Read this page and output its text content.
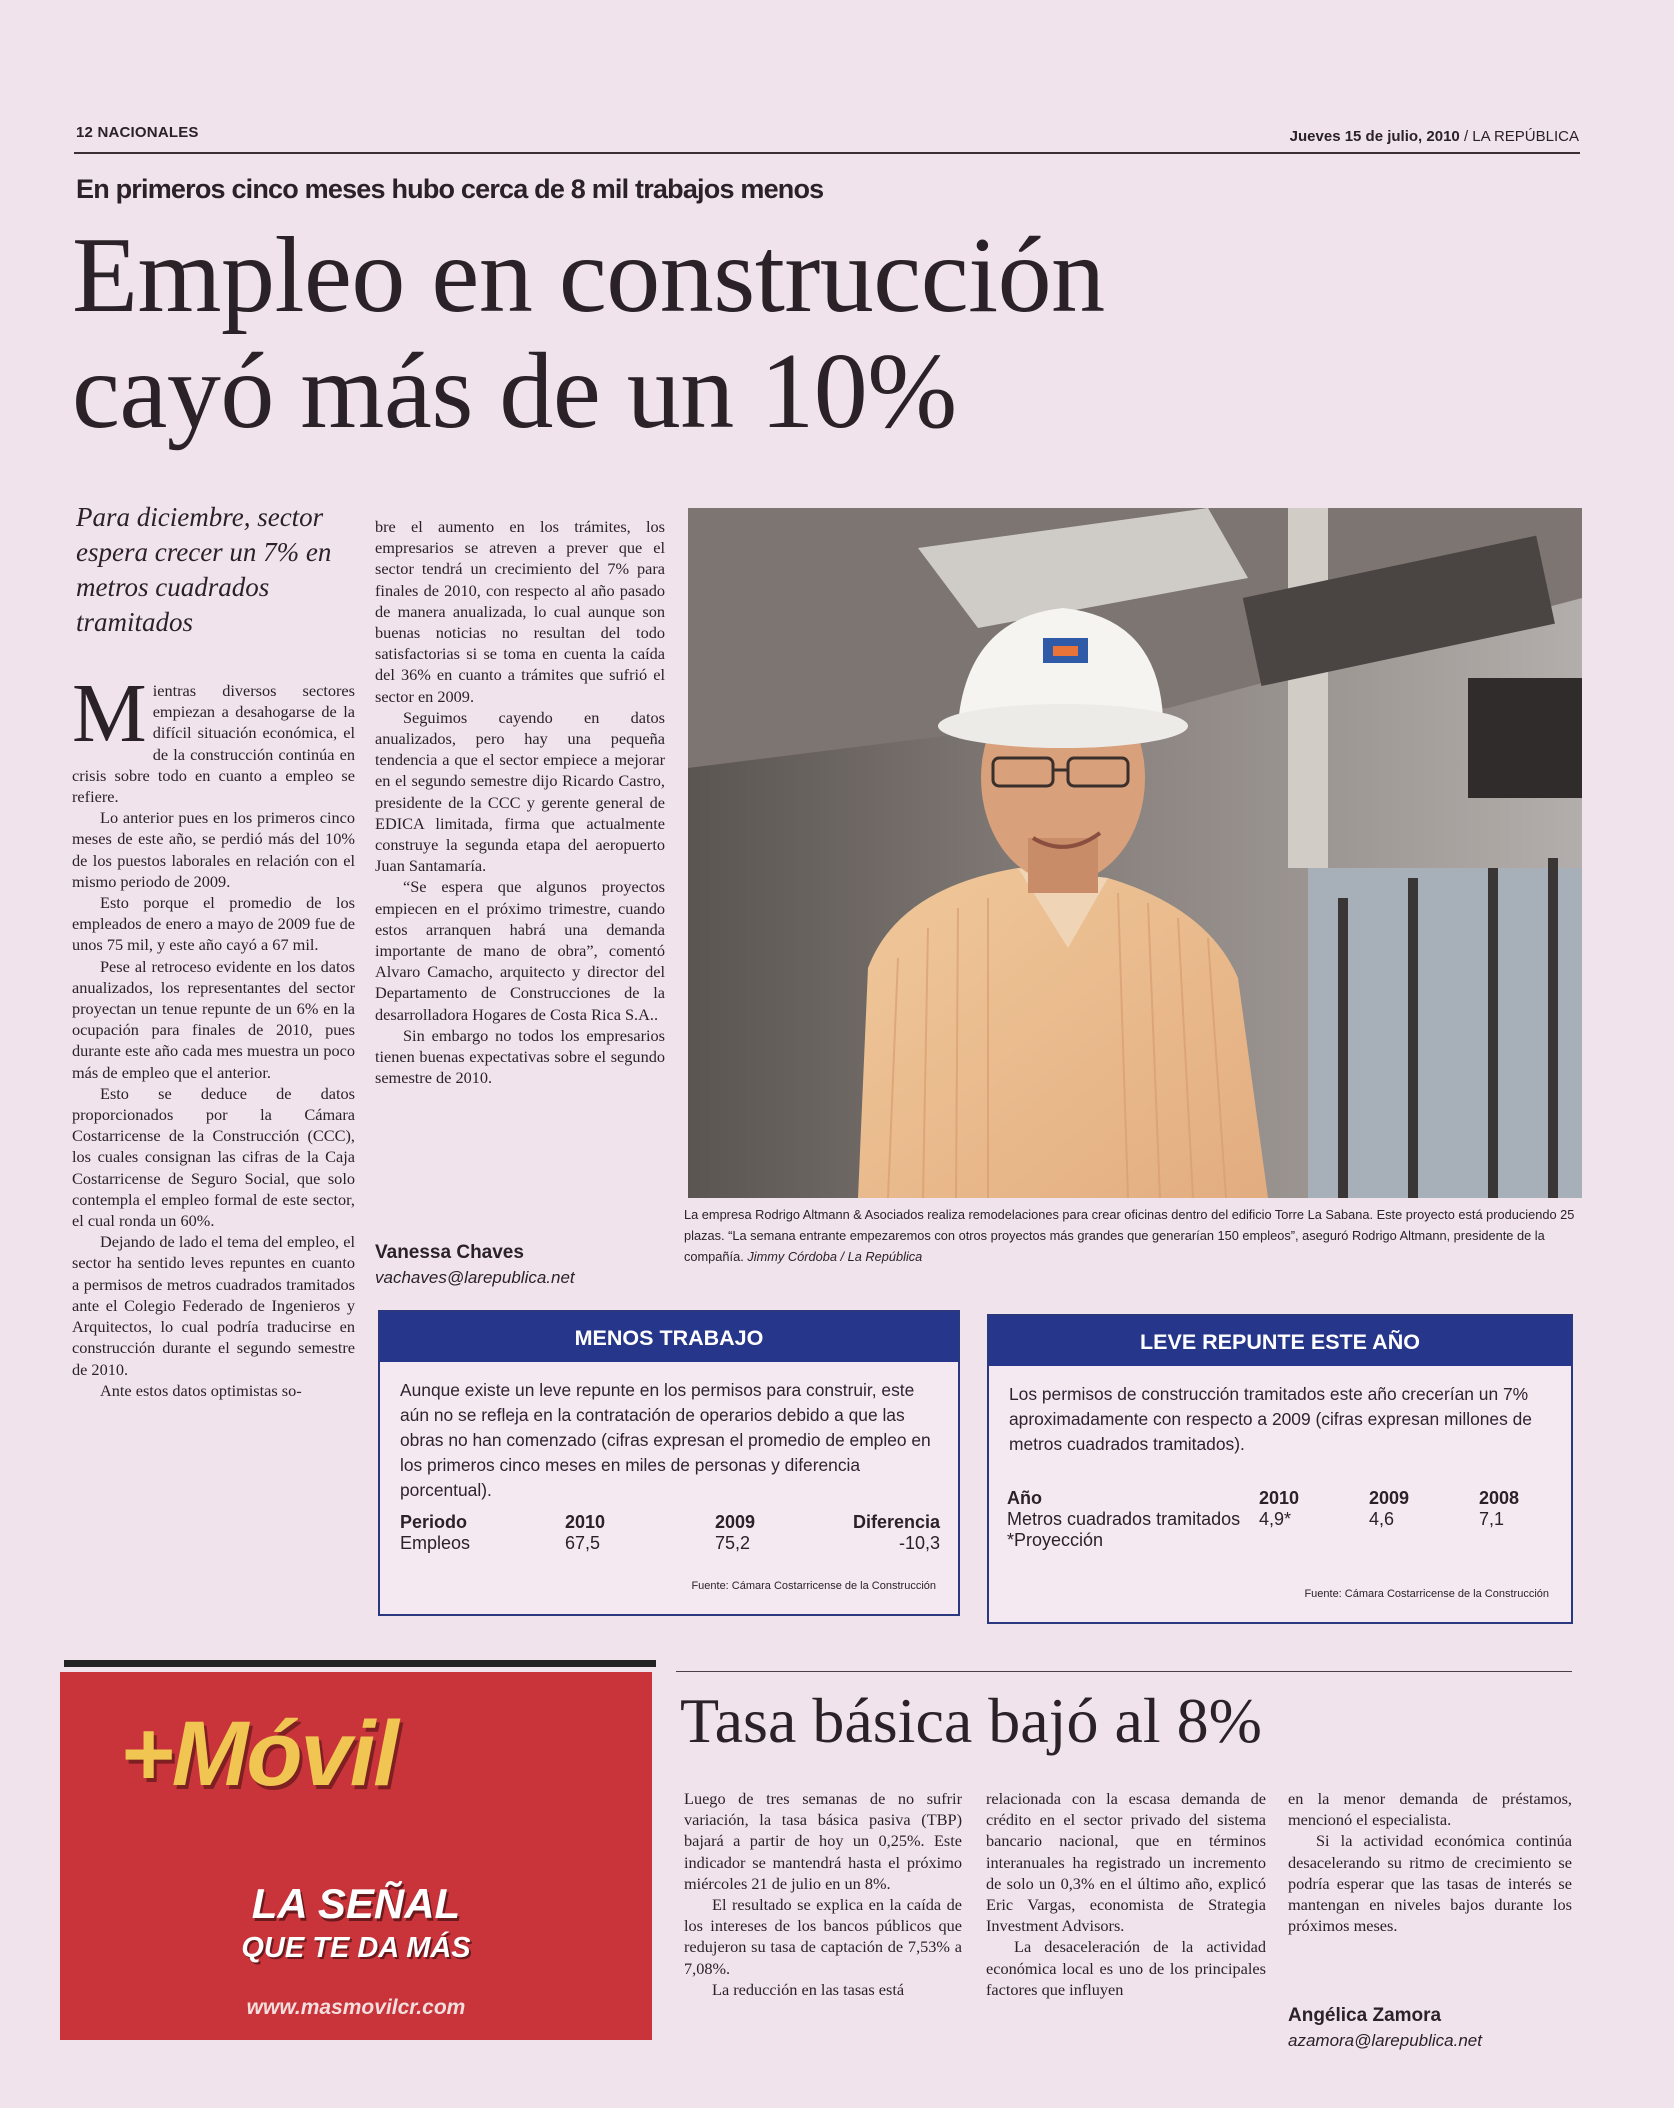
12 NACIONALES	Jueves 15 de julio, 2010 / LA REPÚBLICA
En primeros cinco meses hubo cerca de 8 mil trabajos menos
Empleo en construcción
cayó más de un 10%
Para diciembre, sector espera crecer un 7% en metros cuadrados tramitados

Mientras diversos sectores empiezan a desahogarse de la difícil situación económica, el de la construcción continúa en crisis sobre todo en cuanto a empleo se refiere.

Lo anterior pues en los primeros cinco meses de este año, se perdió más del 10% de los puestos laborales en relación con el mismo periodo de 2009.

Esto porque el promedio de los empleados de enero a mayo de 2009 fue de unos 75 mil, y este año cayó a 67 mil.

Pese al retroceso evidente en los datos anualizados, los representantes del sector proyectan un tenue repunte de un 6% en la ocupación para finales de 2010, pues durante este año cada mes muestra un poco más de empleo que el anterior.

Esto se deduce de datos proporcionados por la Cámara Costarricense de la Construcción (CCC), los cuales consignan las cifras de la Caja Costarricense de Seguro Social, que solo contempla el empleo formal de este sector, el cual ronda un 60%.

Dejando de lado el tema del empleo, el sector ha sentido leves repuntes en cuanto a permisos de metros cuadrados tramitados ante el Colegio Federado de Ingenieros y Arquitectos, lo cual podría traducirse en construcción durante el segundo semestre de 2010.

Ante estos datos optimistas so-

bre el aumento en los trámites, los empresarios se atreven a prever que el sector tendrá un crecimiento del 7% para finales de 2010, con respecto al año pasado de manera anualizada, lo cual aunque son buenas noticias no resultan del todo satisfactorias si se toma en cuenta la caída del 36% en cuanto a trámites que sufrió el sector en 2009.

Seguimos cayendo en datos anualizados, pero hay una pequeña tendencia a que el sector empiece a mejorar en el segundo semestre dijo Ricardo Castro, presidente de la CCC y gerente general de EDICA limitada, firma que actualmente construye la segunda etapa del aeropuerto Juan Santamaría.

“Se espera que algunos proyectos empiecen en el próximo trimestre, cuando estos arranquen habrá una demanda importante de mano de obra”, comentó Alvaro Camacho, arquitecto y director del Departamento de Construcciones de la desarrolladora Hogares de Costa Rica S.A..

Sin embargo no todos los empresarios tienen buenas expectativas sobre el segundo semestre de 2010.

Vanessa Chaves
vachaves@larepublica.net
La empresa Rodrigo Altmann & Asociados realiza remodelaciones para crear oficinas dentro del edificio Torre La Sabana. Este proyecto está produciendo 25 plazas. “La semana entrante empezaremos con otros proyectos más grandes que generarían 150 empleos”, aseguró Rodrigo Altmann, presidente de la compañía. Jimmy Córdoba / La República
MENOS TRABAJO
Aunque existe un leve repunte en los permisos para construir, este aún no se refleja en la contratación de operarios debido a que las obras no han comenzado (cifras expresan el promedio de empleo en los primeros cinco meses en miles de personas y diferencia porcentual).
Periodo	2010	2009	Diferencia
Empleos	67,5	75,2	-10,3
Fuente: Cámara Costarricense de la Construcción
LEVE REPUNTE ESTE AÑO
Los permisos de construcción tramitados este año crecerían un 7% aproximadamente con respecto a 2009 (cifras expresan millones de metros cuadrados tramitados).
Año	2010	2009	2008
Metros cuadrados tramitados	4,9*	4,6	7,1
*Proyección			
Fuente: Cámara Costarricense de la Construcción
+Móvil
LA SEÑAL
QUE TE DA MÁS
www.masmovilcr.com
Tasa básica bajó al 8%

Luego de tres semanas de no sufrir variación, la tasa básica pasiva (TBP) bajará a partir de hoy un 0,25%. Este indicador se mantendrá hasta el próximo miércoles 21 de julio en un 8%.

El resultado se explica en la caída de los intereses de los bancos públicos que redujeron su tasa de captación de 7,53% a 7,08%.

La reducción en las tasas está

relacionada con la escasa demanda de crédito en el sector privado del sistema bancario nacional, que en términos interanuales ha registrado un incremento de solo un 0,3% en el último año, explicó Eric Vargas, economista de Strategia Investment Advisors.

La desaceleración de la actividad económica local es uno de los principales factores que influyen

en la menor demanda de préstamos, mencionó el especialista.

Si la actividad económica continúa desacelerando su ritmo de crecimiento se podría esperar que las tasas de interés se mantengan en niveles bajos durante los próximos meses.

Angélica Zamora
azamora@larepublica.net
